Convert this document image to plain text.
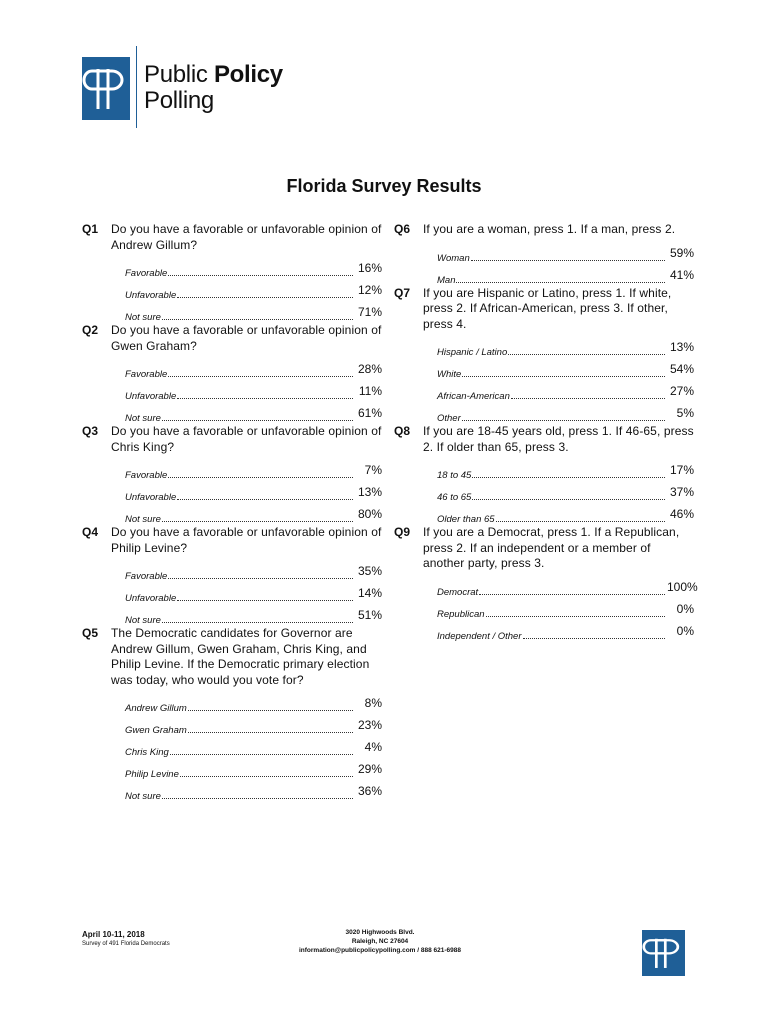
Public Policy
Polling
Florida Survey Results
Q1	Do you have a favorable or unfavorable opinion of Andrew Gillum?
Favorable	16%
Unfavorable	12%
Not sure	71%
Q2	Do you have a favorable or unfavorable opinion of Gwen Graham?
Favorable	28%
Unfavorable	11%
Not sure	61%
Q3	Do you have a favorable or unfavorable opinion of Chris King?
Favorable	7%
Unfavorable	13%
Not sure	80%
Q4	Do you have a favorable or unfavorable opinion of Philip Levine?
Favorable	35%
Unfavorable	14%
Not sure	51%
Q5	The Democratic candidates for Governor are Andrew Gillum, Gwen Graham, Chris King, and Philip Levine. If the Democratic primary election was today, who would you vote for?
Andrew Gillum	8%
Gwen Graham	23%
Chris King	4%
Philip Levine	29%
Not sure	36%
Q6	If you are a woman, press 1. If a man, press 2.
Woman	59%
Man	41%
Q7	If you are Hispanic or Latino, press 1. If white, press 2. If African-American, press 3. If other, press 4.
Hispanic / Latino	13%
White	54%
African-American	27%
Other	5%
Q8	If you are 18-45 years old, press 1. If 46-65, press 2. If older than 65, press 3.
18 to 45	17%
46 to 65	37%
Older than 65	46%
Q9	If you are a Democrat, press 1. If a Republican, press 2. If an independent or a member of another party, press 3.
Democrat	100%
Republican	0%
Independent / Other	0%
April 10-11, 2018
Survey of 491 Florida Democrats
3020 Highwoods Blvd.
Raleigh, NC 27604
information@publicpolicypolling.com / 888 621-6988
